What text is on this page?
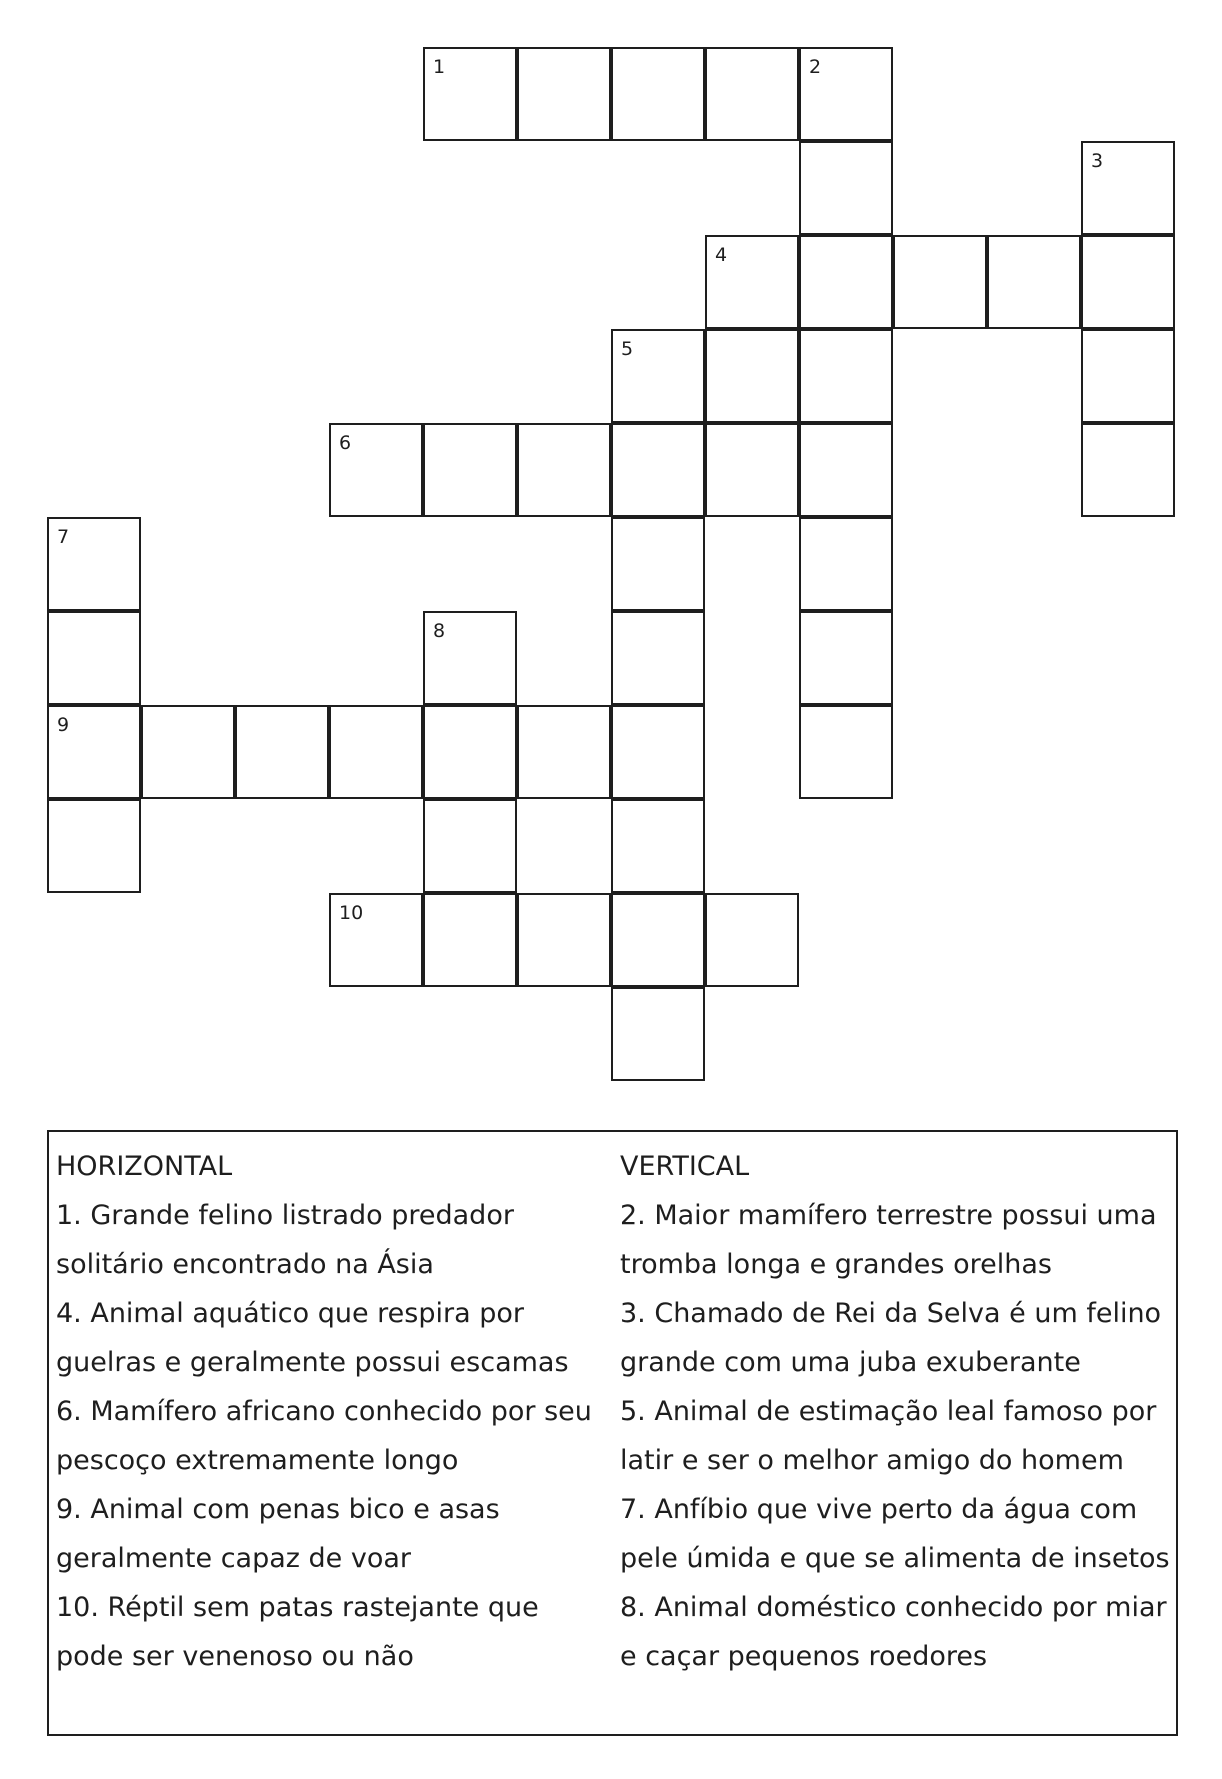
1	2
3
4
5
6
7
8
9
10
HORIZONTAL
1. Grande felino listrado predador
solitário encontrado na Ásia
4. Animal aquático que respira por
guelras e geralmente possui escamas
6. Mamífero africano conhecido por seu
pescoço extremamente longo
9. Animal com penas bico e asas
geralmente capaz de voar
10. Réptil sem patas rastejante que
pode ser venenoso ou não
VERTICAL
2. Maior mamífero terrestre possui uma
tromba longa e grandes orelhas
3. Chamado de Rei da Selva é um felino
grande com uma juba exuberante
5. Animal de estimação leal famoso por
latir e ser o melhor amigo do homem
7. Anfíbio que vive perto da água com
pele úmida e que se alimenta de insetos
8. Animal doméstico conhecido por miar
e caçar pequenos roedores
